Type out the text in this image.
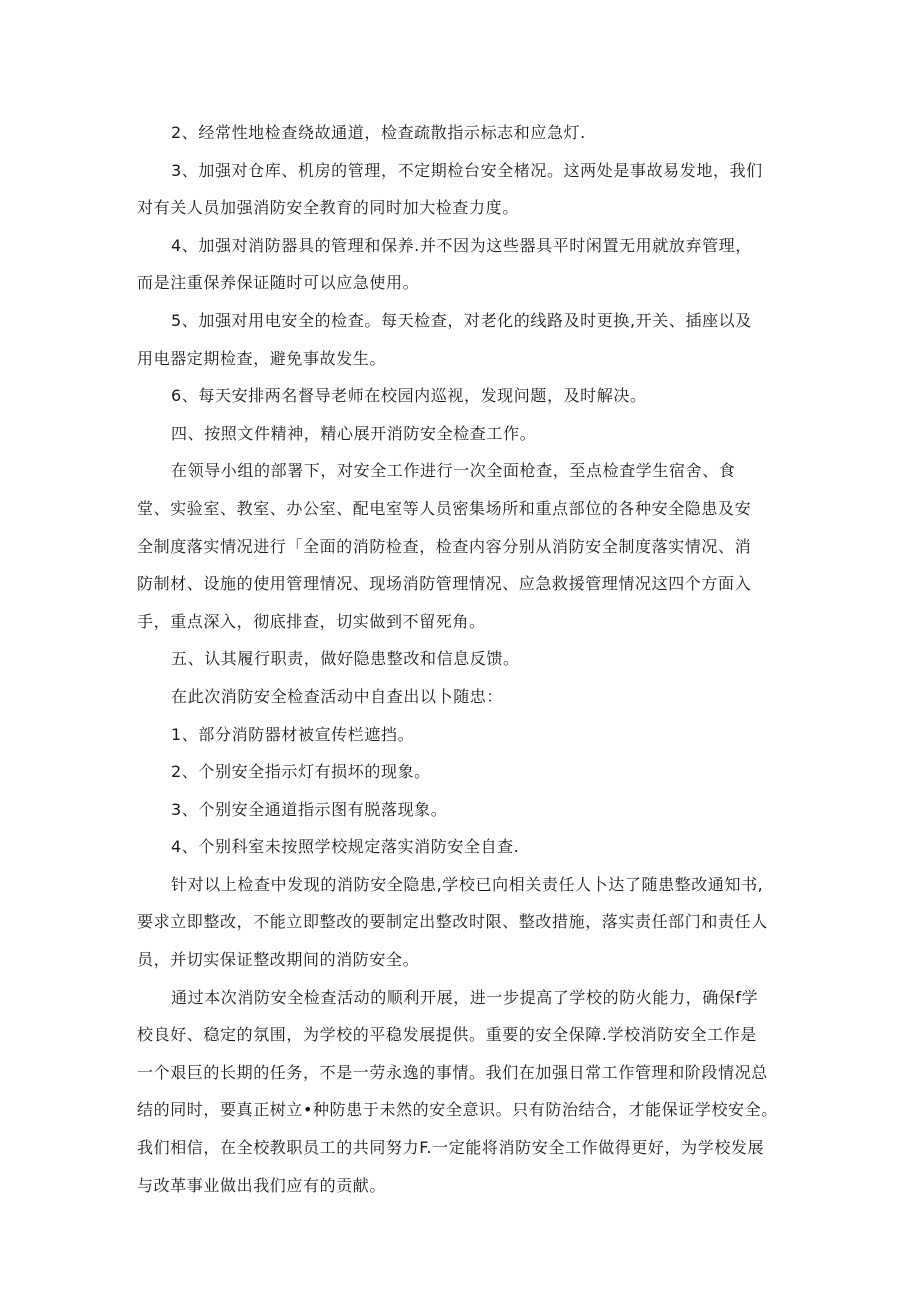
2、经常性地检查绕故通道，检查疏散指示标志和应急灯.
3、加强对仓库、机房的管理，不定期检台安全楮况。这两处是事故易发地，我们
对有关人员加强消防安全教育的同时加大检查力度。
4、加强对消防器具的管理和保养.并不因为这些器具平时闲置无用就放弃管理，
而是注重保养保证随时可以应急使用。
5、加强对用电安全的检查。每天检查，对老化的线路及时更换,开关、插座以及
用电器定期检查，避免事故发生。
6、每天安排两名督导老师在校园内巡视，发现问题，及时解决。
四、按照文件精神，精心展开消防安全检查工作。
在领导小组的部署下，对安全工作进行一次全面枪查，至点检査学生宿舍、食
堂、实验室、教室、办公室、配电室等人员密集场所和重点部位的各种安全隐患及安
全制度落实情况进行「全面的消防检查，检查内容分别从消防安全制度落实情况、消
防制材、设施的使用管理情况、现场消防管理情况、应急救援管理情况这四个方面入
手，重点深入，彻底排查，切实做到不留死角。
五、认其履行职责，做好隐患整改和信息反馈。
在此次消防安全检查活动中自查出以卜随忠：
1、部分消防器材被宣传栏遮挡。
2、个别安全指示灯有损坏的现象。
3、个别安全通道指示图有脱落现象。
4、个别科室未按照学校规定落实消防安全自查.
针对以上检查中发现的消防安全隐患,学校已向相关责任人卜达了随患整改通知书,
要求立即整改，不能立即整改的要制定出整改时限、整改措施，落实责任部门和责任人
员，并切实保证整改期间的消防安全。
通过本次消防安全检查活动的顺利开展，进一步提高了学校的防火能力，确保f学
校良好、稳定的氛围，为学校的平稳发展提供。重要的安全保障.学校消防安全工作是
一个艰巨的长期的任务，不是一劳永逸的事情。我们在加强日常工作管理和阶段情况总
结的同时，要真正树立•种防患于未然的安全意识。只有防治结合，才能保证学校安全。
我们相信，在全校教职员工的共同努力F.一定能将消防安全工作做得更好，为学校发展
与改革事业做出我们应有的贡献。
